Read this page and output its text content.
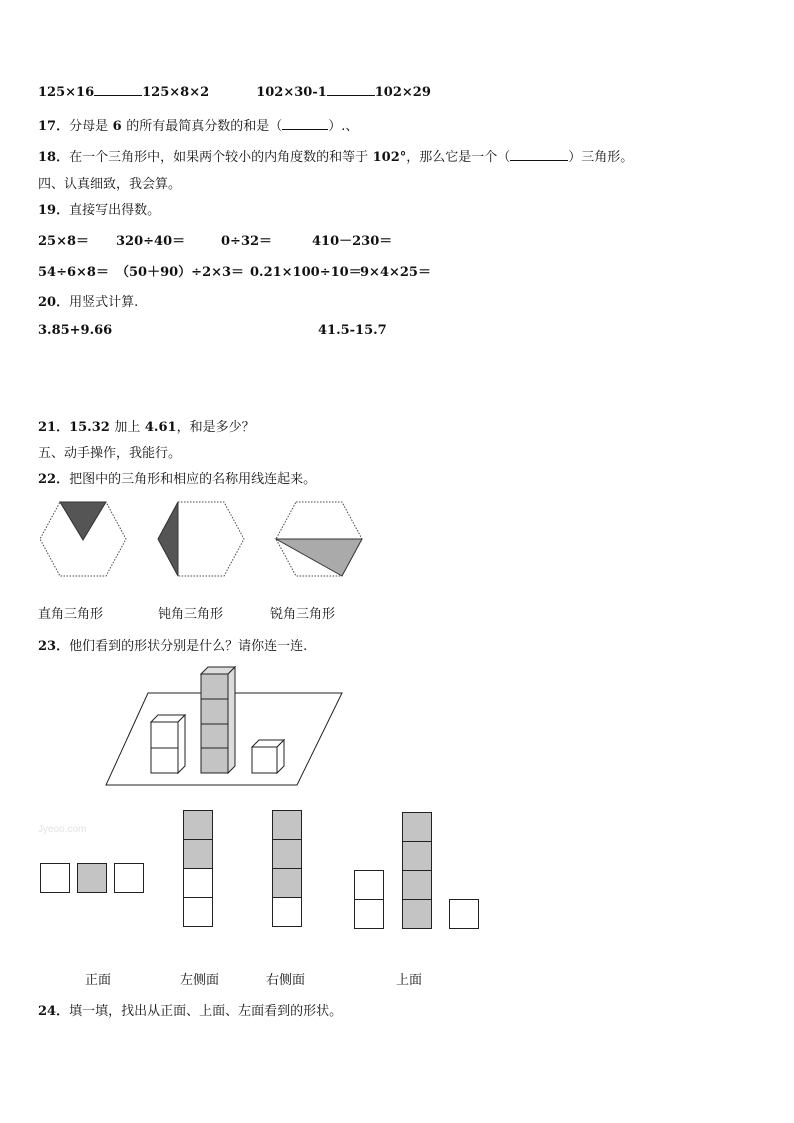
125×16	125×8×2	102×30-1	102×29
17．分母是 6 的所有最简真分数的和是（	）.、
18．在一个三角形中，如果两个较小的内角度数的和等于 102°，那么它是一个（	）三角形。
四、认真细致，我会算。
19．直接写出得数。
25×8＝ 320÷40＝	0÷32＝	410－230＝
54÷6×8＝ （50＋90）÷2×3＝ 0.21×100÷10＝
9×4×25＝
20．用竖式计算.
3.85+9.66	41.5-15.7
21．15.32 加上 4.61，和是多少？
五、动手操作，我能行。
22．把图中的三角形和相应的名称用线连起来。
直角三角形	钝角三角形	锐角三角形
23．他们看到的形状分别是什么？请你连一连.
Jyeoo.com
正面	左侧面	右侧面	上面
24．填一填，找出从正面、上面、左面看到的形状。
